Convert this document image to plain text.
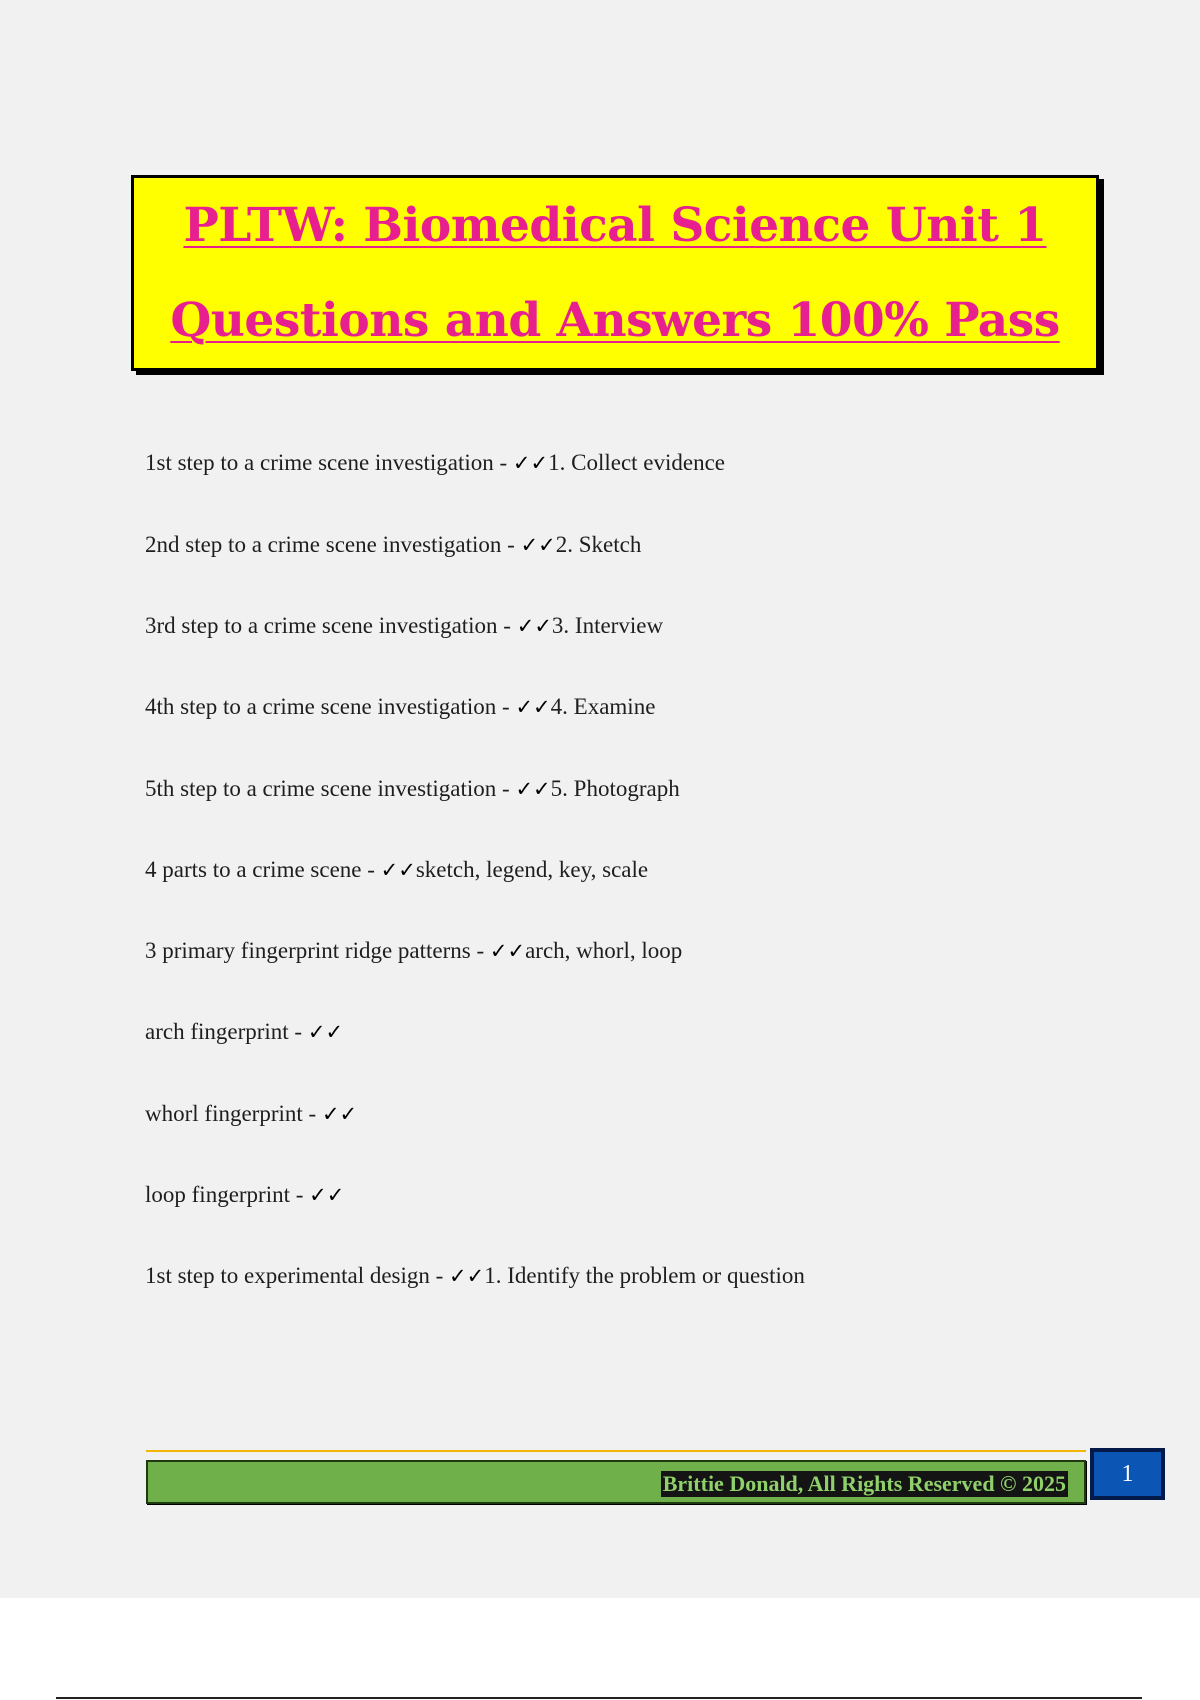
PLTW: Biomedical Science Unit 1
Questions and Answers 100% Pass
1st step to a crime scene investigation - ✓✓1. Collect evidence
2nd step to a crime scene investigation - ✓✓2. Sketch
3rd step to a crime scene investigation - ✓✓3. Interview
4th step to a crime scene investigation - ✓✓4. Examine
5th step to a crime scene investigation - ✓✓5. Photograph
4 parts to a crime scene - ✓✓sketch, legend, key, scale
3 primary fingerprint ridge patterns - ✓✓arch, whorl, loop
arch fingerprint - ✓✓
whorl fingerprint - ✓✓
loop fingerprint - ✓✓
1st step to experimental design - ✓✓1. Identify the problem or question
Brittie Donald, All Rights Reserved © 2025	1
